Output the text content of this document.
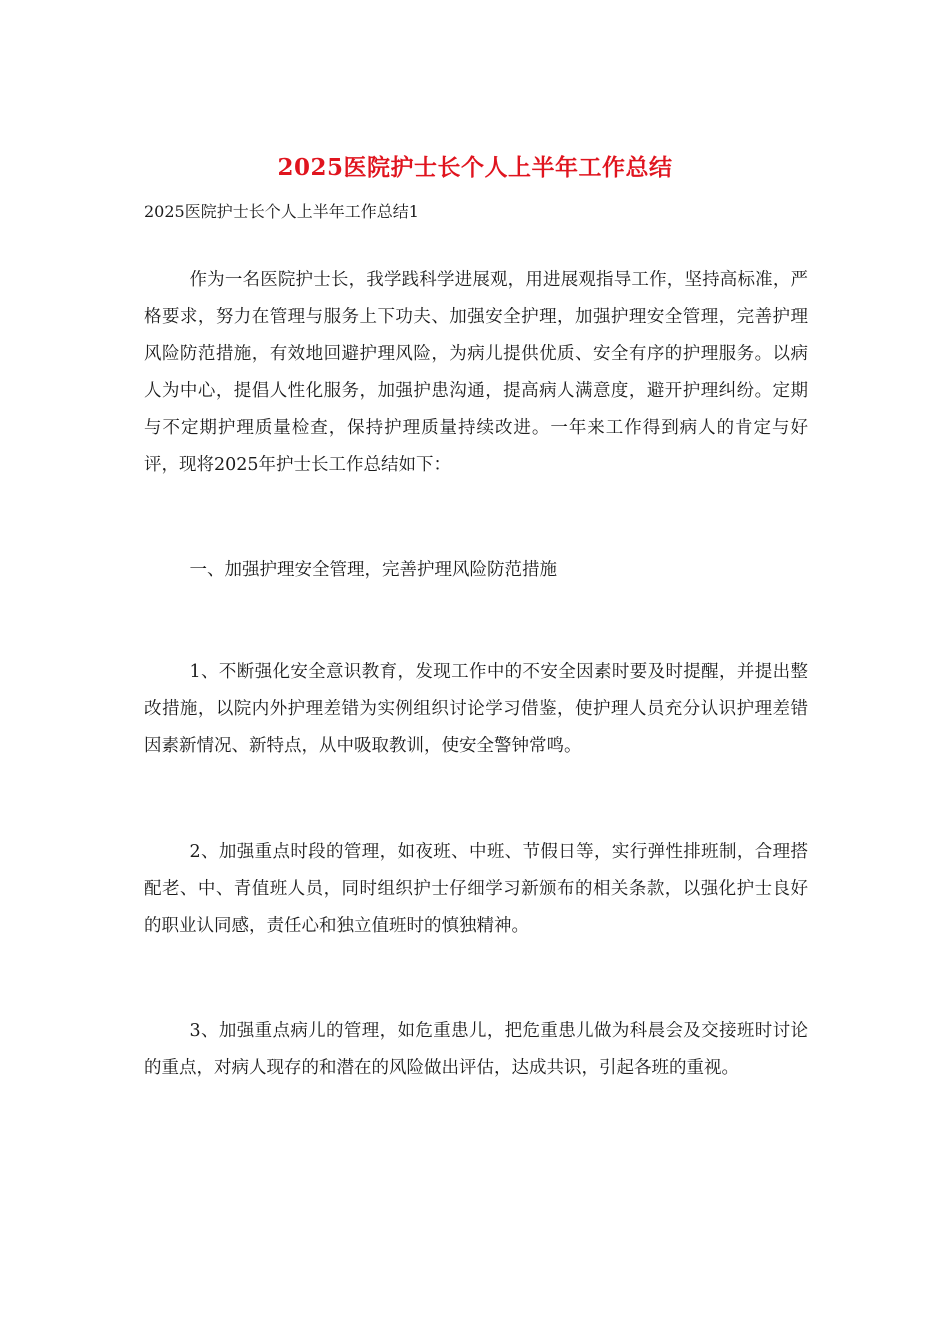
2025医院护士长个人上半年工作总结
2025医院护士长个人上半年工作总结1

作为一名医院护士长，我学践科学进展观，用进展观指导工作，坚持高标准，严格要求，努力在管理与服务上下功夫、加强安全护理，加强护理安全管理，完善护理风险防范措施，有效地回避护理风险，为病儿提供优质、安全有序的护理服务。以病人为中心，提倡人性化服务，加强护患沟通，提高病人满意度，避开护理纠纷。定期与不定期护理质量检查，保持护理质量持续改进。一年来工作得到病人的肯定与好评，现将2025年护士长工作总结如下：

一、加强护理安全管理，完善护理风险防范措施

1、不断强化安全意识教育，发现工作中的不安全因素时要及时提醒，并提出整改措施，以院内外护理差错为实例组织讨论学习借鉴，使护理人员充分认识护理差错因素新情况、新特点，从中吸取教训，使安全警钟常鸣。

2、加强重点时段的管理，如夜班、中班、节假日等，实行弹性排班制，合理搭配老、中、青值班人员，同时组织护士仔细学习新颁布的相关条款，以强化护士良好的职业认同感，责任心和独立值班时的慎独精神。

3、加强重点病儿的管理，如危重患儿，把危重患儿做为科晨会及交接班时讨论的重点，对病人现存的和潜在的风险做出评估，达成共识，引起各班的重视。
